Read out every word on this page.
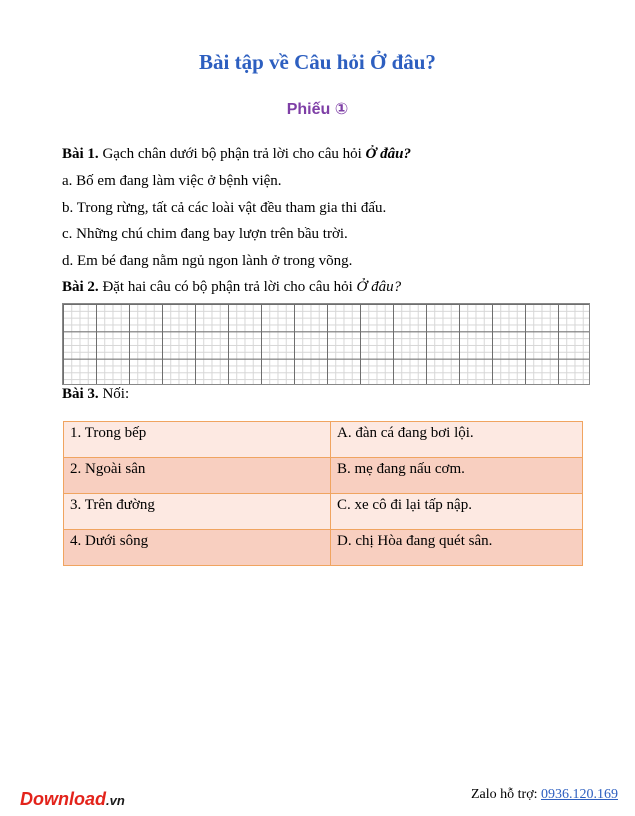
Bài tập về Câu hỏi Ở đâu?
Phiếu ①
Bài 1. Gạch chân dưới bộ phận trả lời cho câu hỏi Ở đâu?
a. Bố em đang làm việc ở bệnh viện.
b. Trong rừng, tất cả các loài vật đều tham gia thi đấu.
c. Những chú chim đang bay lượn trên bầu trời.
d. Em bé đang nằm ngủ ngon lành ở trong võng.
Bài 2. Đặt hai câu có bộ phận trả lời cho câu hỏi Ở đâu?
Bài 3. Nối:
1. Trong bếp	A. đàn cá đang bơi lội.
2. Ngoài sân	B. mẹ đang nấu cơm.
3. Trên đường	C. xe cô đi lại tấp nập.
4. Dưới sông	D. chị Hòa đang quét sân.
Download.vn	Zalo hỗ trợ: 0936.120.169
